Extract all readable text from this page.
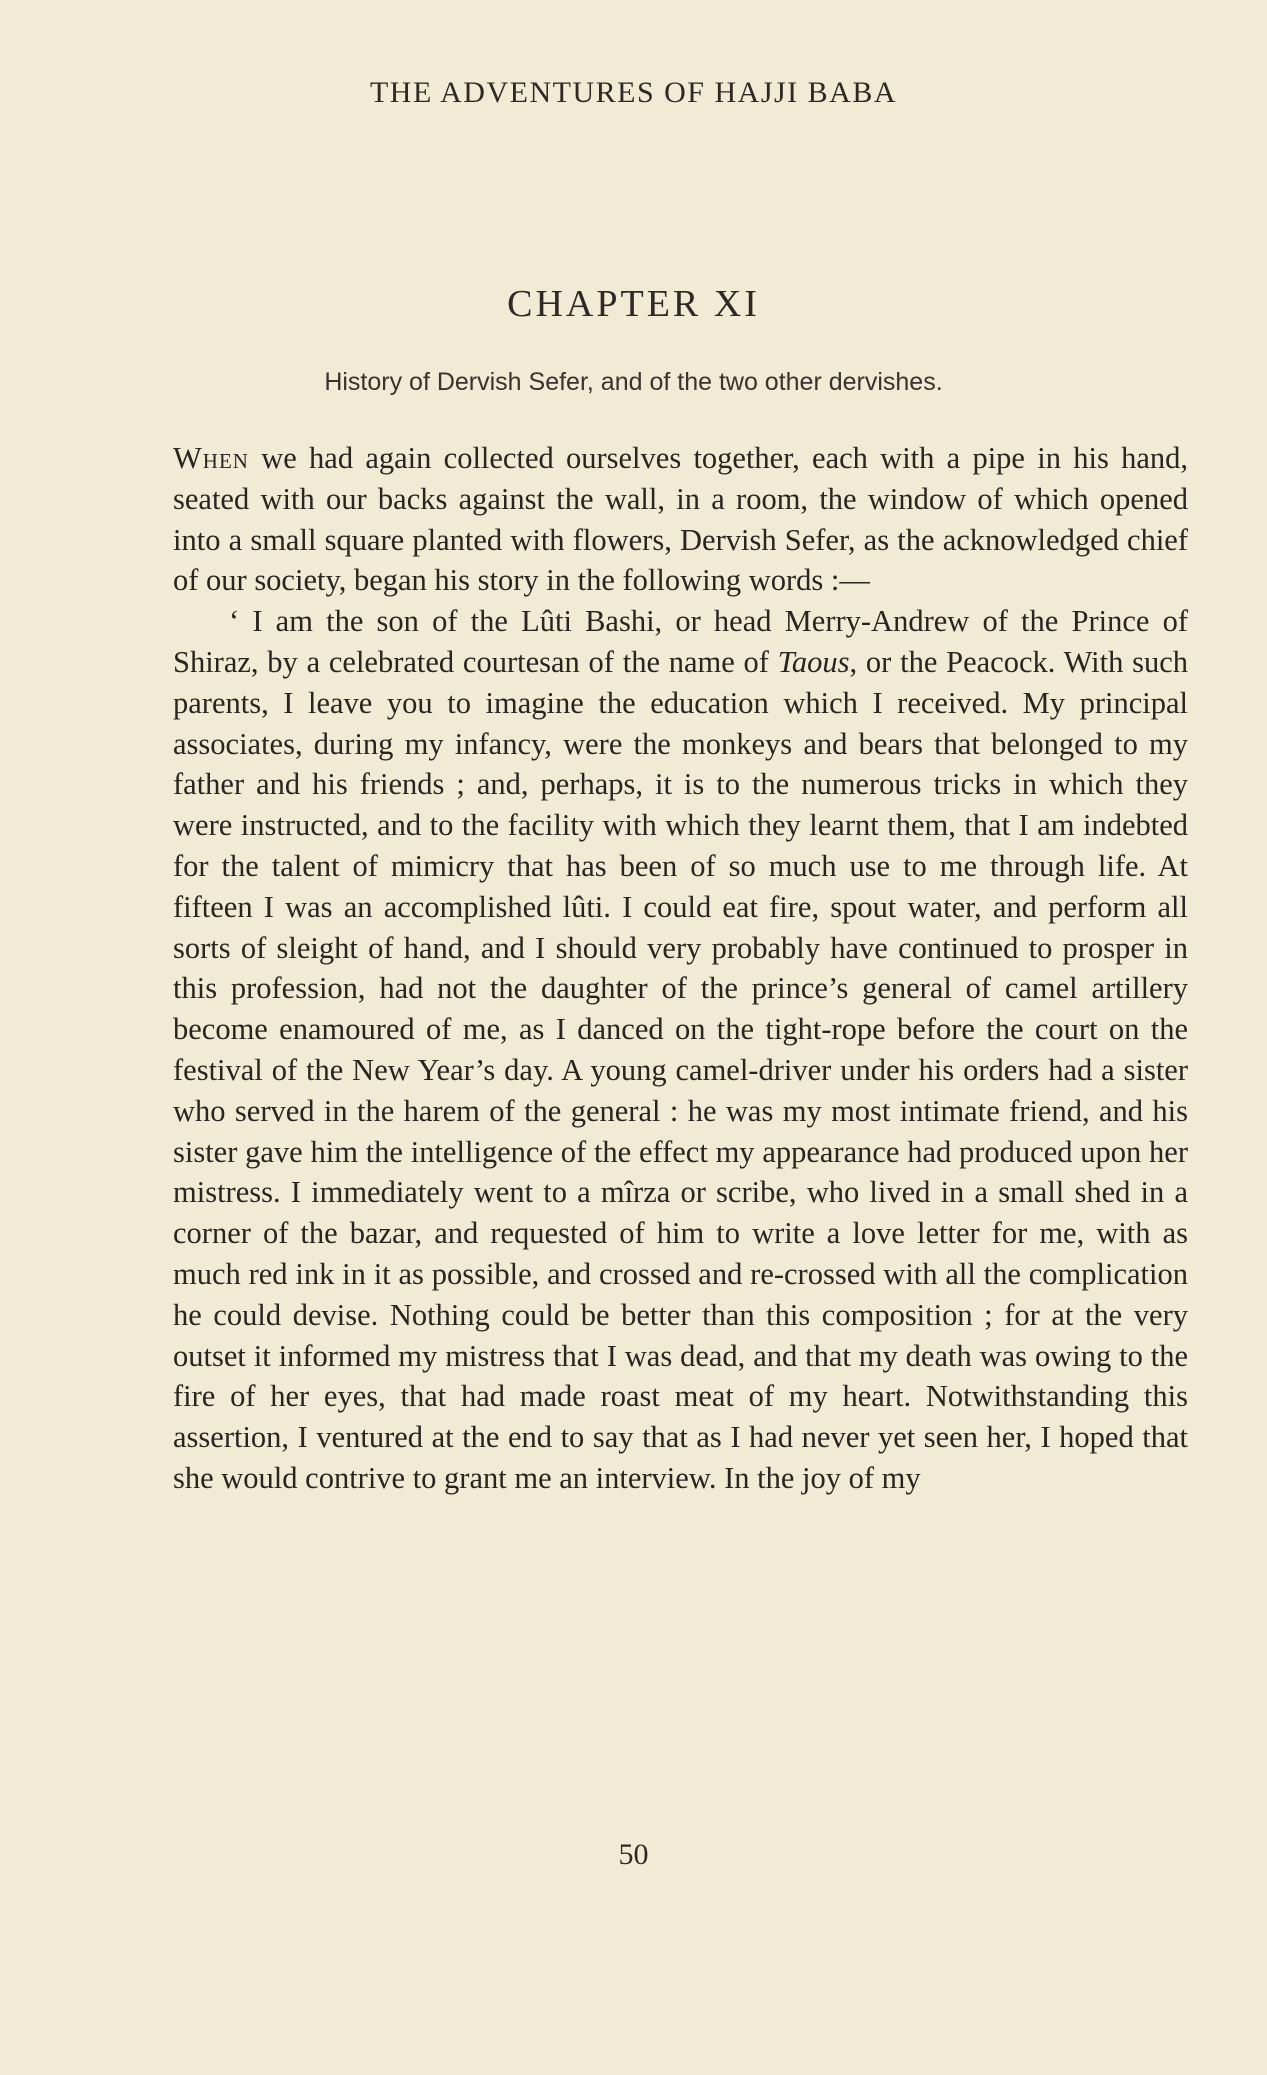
THE ADVENTURES OF HAJJI BABA
CHAPTER XI
History of Dervish Sefer, and of the two other dervishes.

When we had again collected ourselves together, each with a pipe in his hand, seated with our backs against the wall, in a room, the window of which opened into a small square planted with flowers, Dervish Sefer, as the acknowledged chief of our society, began his story in the following words :—

‘ I am the son of the Lûti Bashi, or head Merry-Andrew of the Prince of Shiraz, by a celebrated courtesan of the name of Taous, or the Peacock. With such parents, I leave you to imagine the education which I received. My principal associates, during my infancy, were the monkeys and bears that belonged to my father and his friends ; and, perhaps, it is to the numerous tricks in which they were instructed, and to the facility with which they learnt them, that I am indebted for the talent of mimicry that has been of so much use to me through life. At fifteen I was an accomplished lûti. I could eat fire, spout water, and perform all sorts of sleight of hand, and I should very probably have continued to prosper in this profession, had not the daughter of the prince’s general of camel artillery become enamoured of me, as I danced on the tight-rope before the court on the festival of the New Year’s day. A young camel-driver under his orders had a sister who served in the harem of the general : he was my most intimate friend, and his sister gave him the intelligence of the effect my appearance had produced upon her mistress. I immediately went to a mîrza or scribe, who lived in a small shed in a corner of the bazar, and requested of him to write a love letter for me, with as much red ink in it as possible, and crossed and re-crossed with all the complication he could devise. Nothing could be better than this composition ; for at the very outset it informed my mistress that I was dead, and that my death was owing to the fire of her eyes, that had made roast meat of my heart. Notwithstanding this assertion, I ventured at the end to say that as I had never yet seen her, I hoped that she would contrive to grant me an interview. In the joy of my

50
